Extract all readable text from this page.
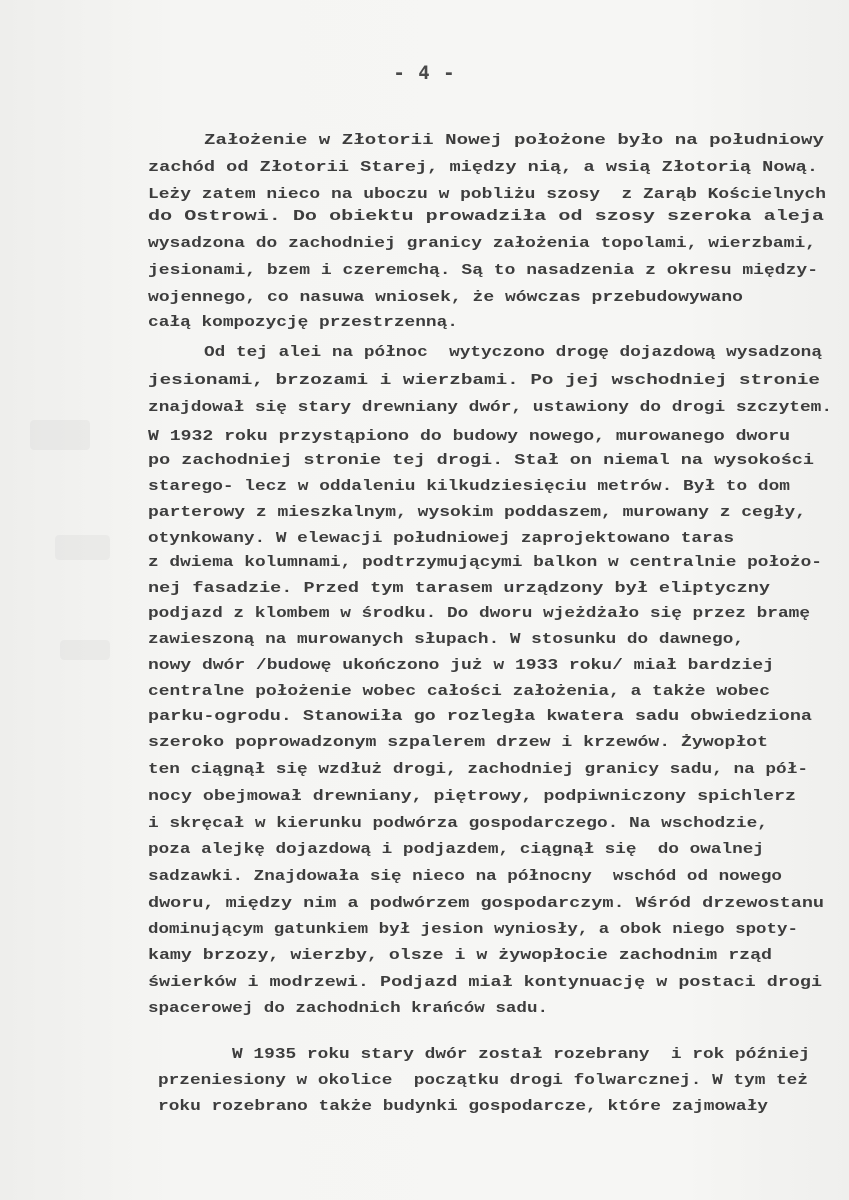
- 4 -
Założenie w Złotorii Nowej położone było na południowy
zachód od Złotorii Starej, między nią, a wsią Złotorią Nową.
Leży zatem nieco na uboczu w pobliżu szosy  z Zarąb Kościelnych
do Ostrowi. Do obiektu prowadziła od szosy szeroka aleja
wysadzona do zachodniej granicy założenia topolami, wierzbami,
jesionami, bzem i czeremchą. Są to nasadzenia z okresu między-
wojennego, co nasuwa wniosek, że wówczas przebudowywano
całą kompozycję przestrzenną.
Od tej alei na północ  wytyczono drogę dojazdową wysadzoną
jesionami, brzozami i wierzbami. Po jej wschodniej stronie
znajdował się stary drewniany dwór, ustawiony do drogi szczytem.
W 1932 roku przystąpiono do budowy nowego, murowanego dworu
po zachodniej stronie tej drogi. Stał on niemal na wysokości
starego- lecz w oddaleniu kilkudziesięciu metrów. Był to dom
parterowy z mieszkalnym, wysokim poddaszem, murowany z cegły,
otynkowany. W elewacji południowej zaprojektowano taras
z dwiema kolumnami, podtrzymującymi balkon w centralnie położo-
nej fasadzie. Przed tym tarasem urządzony był eliptyczny
podjazd z klombem w środku. Do dworu wjeżdżało się przez bramę
zawieszoną na murowanych słupach. W stosunku do dawnego,
nowy dwór /budowę ukończono już w 1933 roku/ miał bardziej
centralne położenie wobec całości założenia, a także wobec
parku-ogrodu. Stanowiła go rozległa kwatera sadu obwiedziona
szeroko poprowadzonym szpalerem drzew i krzewów. Żywopłot
ten ciągnął się wzdłuż drogi, zachodniej granicy sadu, na pół-
nocy obejmował drewniany, piętrowy, podpiwniczony spichlerz
i skręcał w kierunku podwórza gospodarczego. Na wschodzie,
poza alejkę dojazdową i podjazdem, ciągnął się  do owalnej
sadzawki. Znajdowała się nieco na północny  wschód od nowego
dworu, między nim a podwórzem gospodarczym. Wśród drzewostanu
dominującym gatunkiem był jesion wyniosły, a obok niego spoty-
kamy brzozy, wierzby, olsze i w żywopłocie zachodnim rząd
świerków i modrzewi. Podjazd miał kontynuację w postaci drogi
spacerowej do zachodnich krańców sadu.
W 1935 roku stary dwór został rozebrany  i rok później
przeniesiony w okolice  początku drogi folwarcznej. W tym też
roku rozebrano także budynki gospodarcze, które zajmowały
